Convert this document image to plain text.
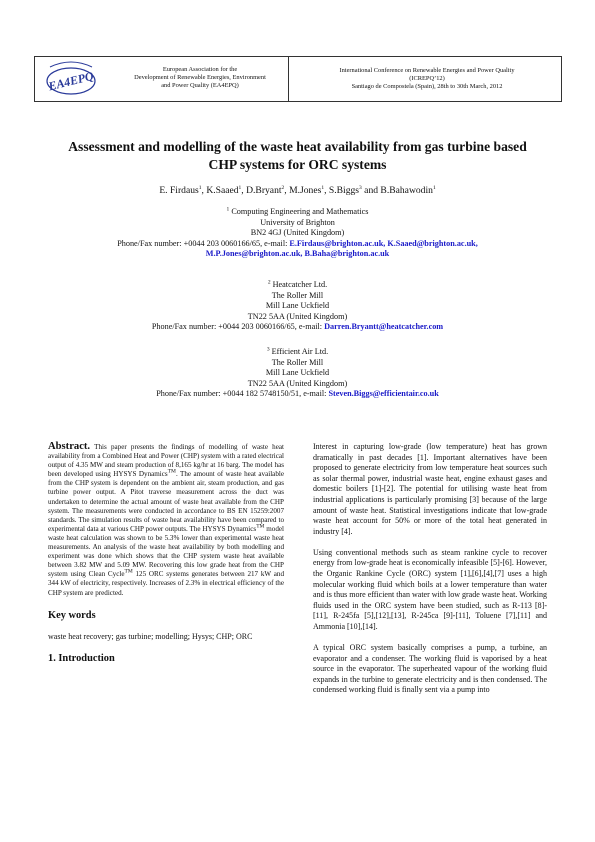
EA4EPQ	European Association for the
Development of Renewable Energies, Environment
and Power Quality (EA4EPQ)
International Conference on Renewable Energies and Power Quality
(ICREPQ’12)
Santiago de Compostela (Spain), 28th to 30th March, 2012
Assessment and modelling of the waste heat availability from gas turbine based
CHP systems for ORC systems
E. Firdaus$^1$, K.Saaed$^1$, D.Bryant$^2$, M.Jones$^1$, S.Biggs$^3$ and B.Bahawodin$^1$
$^1$ Computing Engineering and Mathematics
University of Brighton
BN2 4GJ (United Kingdom)
Phone/Fax number: +0044 203 0060166/65, e-mail: E.Firdaus@brighton.ac.uk, K.Saaed@brighton.ac.uk,
M.P.Jones@brighton.ac.uk, B.Baha@brighton.ac.uk
$^2$ Heatcatcher Ltd.
The Roller Mill
Mill Lane Uckfield
TN22 5AA (United Kingdom)
Phone/Fax number: +0044 203 0060166/65, e-mail: Darren.Bryantt@heatcatcher.com
$^3$ Efficient Air Ltd.
The Roller Mill
Mill Lane Uckfield
TN22 5AA (United Kingdom)
Phone/Fax number: +0044 182 5748150/51, e-mail: Steven.Biggs@efficientair.co.uk
Abstract. This paper presents the findings of modelling of waste heat availability from a Combined Heat and Power (CHP) system with a rated electrical output of 4.35 MW and steam production of 8,165 kg/hr at 16 barg. The model has been developed using HYSYS Dynamics™. The amount of waste heat available from the CHP system is dependent on the ambient air, steam production, and gas turbine power output. A Pitot traverse measurement across the duct was undertaken to determine the actual amount of waste heat available from the CHP system. The measurements were conducted in accordance to BS EN 15259:2007 standards. The simulation results of waste heat availability have been compared to experimental data at various CHP power outputs. The HYSYS Dynamics™ model waste heat calculation was shown to be 5.3% lower than experimental waste heat measurements. An analysis of the waste heat availability by both modelling and experiment was done which shows that the CHP system waste heat available between 3.82 MW and 5.09 MW. Recovering this low grade heat from the CHP system using Clean Cycle™ 125 ORC systems generates between 217 kW and 344 kW of electricity, respectively. Increases of 2.3% in electrical efficiency of the CHP system are predicted.
Key words
waste heat recovery; gas turbine; modelling; Hysys; CHP; ORC
1. Introduction

Interest in capturing low-grade (low temperature) heat has grown dramatically in past decades [1]. Important alternatives have been proposed to generate electricity from low temperature heat sources such as solar thermal power, industrial waste heat, engine exhaust gases and domestic boilers [1]-[2]. The potential for utilising waste heat from industrial applications is particularly promising [3] because of the large amount of waste heat. Statistical investigations indicate that low-grade waste heat account for 50% or more of the total heat generated in industry [4].

Using conventional methods such as steam rankine cycle to recover energy from low-grade heat is economically infeasible [5]-[6]. However, the Organic Rankine Cycle (ORC) system [1],[6],[4],[7] uses a high molecular working fluid which boils at a lower temperature than water and is thus more efficient than water with low grade waste heat. Working fluids used in the ORC system have been studied, such as R-113 [8]-[11], R-245fa [5],[12],[13], R-245ca [9]-[11], Toluene [7],[11] and Ammonia [10],[14].

A typical ORC system basically comprises a pump, a turbine, an evaporator and a condenser. The working fluid is vaporised by a heat source in the evaporator. The superheated vapour of the working fluid expands in the turbine to generate electricity and is then condensed. The condensed working fluid is finally sent via a pump into
